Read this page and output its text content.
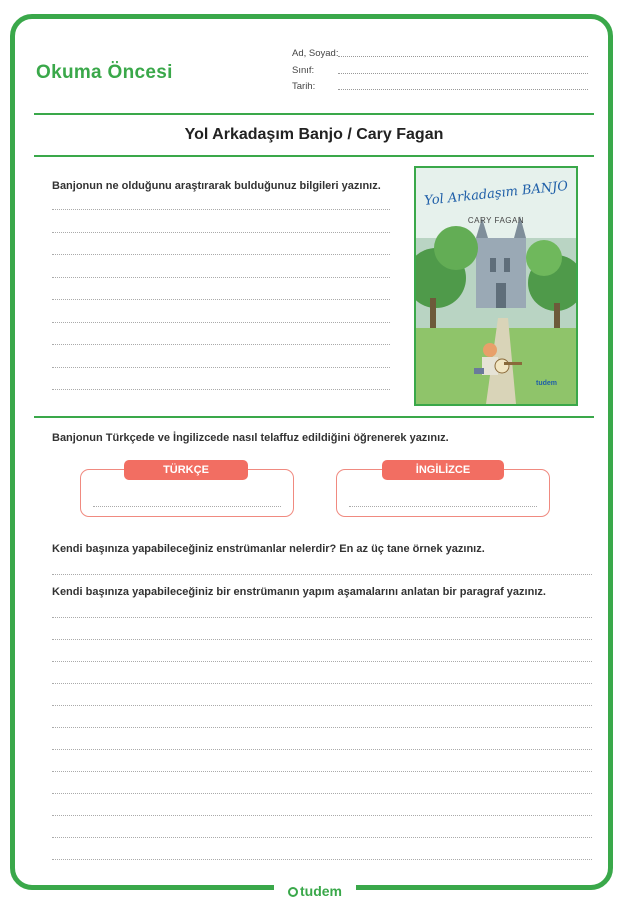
Okuma Öncesi
Ad, Soyad:
Sınıf:
Tarih:
Yol Arkadaşım Banjo / Cary Fagan
Banjonun ne olduğunu araştırarak bulduğunuz bilgileri yazınız.	Yol Arkadaşım BANJO
CARY FAGAN
tudem
Banjonun Türkçede ve İngilizcede nasıl telaffuz edildiğini öğrenerek yazınız.
TÜRKÇE	İNGİLİZCE
Kendi başınıza yapabileceğiniz enstrümanlar nelerdir? En az üç tane örnek yazınız.
Kendi başınıza yapabileceğiniz bir enstrümanın yapım aşamalarını anlatan bir paragraf yazınız.
tudem
